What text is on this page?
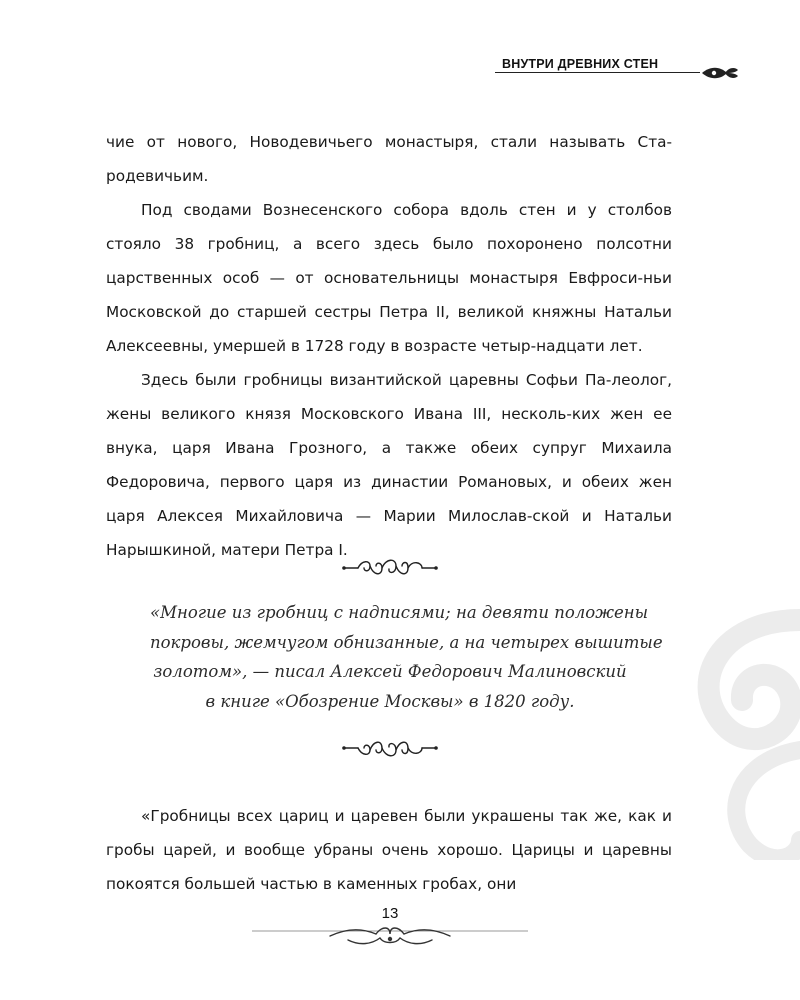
ВНУТРИ ДРЕВНИХ СТЕН

чие от нового, Новодевичьего монастыря, стали называть Ста-родевичьим.

Под сводами Вознесенского собора вдоль стен и у столбов стояло 38 гробниц, а всего здесь было похоронено полсотни царственных особ — от основательницы монастыря Евфроси-ньи Московской до старшей сестры Петра II, великой княжны Натальи Алексеевны, умершей в 1728 году в возрасте четыр-надцати лет.

Здесь были гробницы византийской царевны Софьи Па-леолог, жены великого князя Московского Ивана III, несколь-ких жен ее внука, царя Ивана Грозного, а также обеих супруг Михаила Федоровича, первого царя из династии Романовых, и обеих жен царя Алексея Михайловича — Марии Милослав-ской и Натальи Нарышкиной, матери Петра I.

«Многие из гробниц с надписями; на девяти положены
покровы, жемчугом обнизанные, а на четырех вышитые
золотом», — писал Алексей Федорович Малиновский
в книге «Обозрение Москвы» в 1820 году.

«Гробницы всех цариц и царевен были украшены так же, как и гробы царей, и вообще убраны очень хорошо. Царицы и царевны покоятся большей частью в каменных гробах, они

13
